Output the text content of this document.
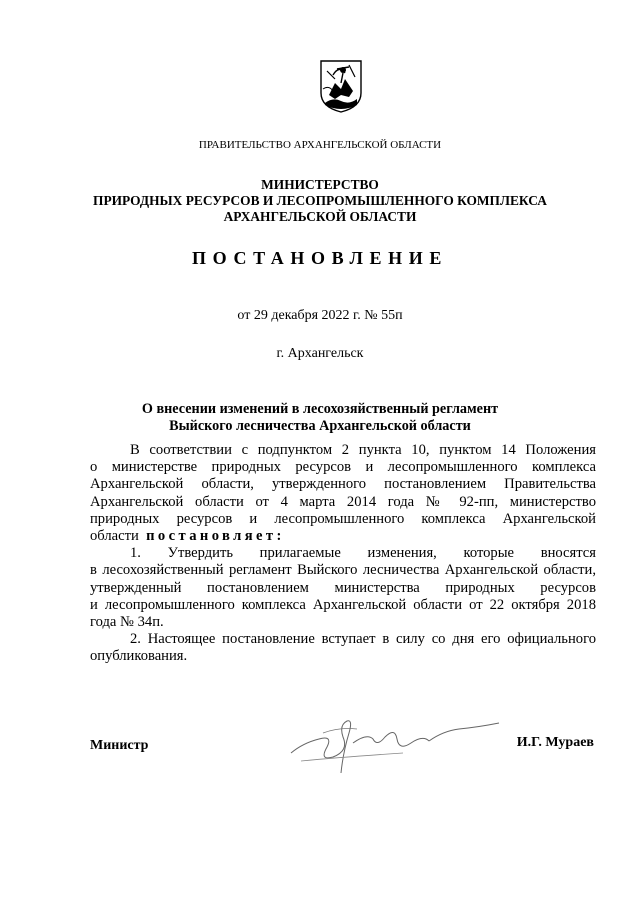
ПРАВИТЕЛЬСТВО АРХАНГЕЛЬСКОЙ ОБЛАСТИ
МИНИСТЕРСТВО
ПРИРОДНЫХ РЕСУРСОВ И ЛЕСОПРОМЫШЛЕННОГО КОМПЛЕКСА
АРХАНГЕЛЬСКОЙ ОБЛАСТИ
ПОСТАНОВЛЕНИЕ
от 29 декабря 2022 г. № 55п
г. Архангельск
О внесении изменений в лесохозяйственный регламент
Выйского лесничества Архангельской области
В соответствии с подпунктом 2 пункта 10, пунктом 14 Положения
о министерстве природных ресурсов и лесопромышленного комплекса
Архангельской области, утвержденного постановлением Правительства
Архангельской области от 4 марта 2014 года № 92-пп, министерство
природных ресурсов и лесопромышленного комплекса Архангельской
области постановляет:
1. Утвердить прилагаемые изменения, которые вносятся
в лесохозяйственный регламент Выйского лесничества Архангельской области,
утвержденный постановлением министерства природных ресурсов
и лесопромышленного комплекса Архангельской области от 22 октября 2018
года № 34п.
2. Настоящее постановление вступает в силу со дня его официального
опубликования.
Министр	И.Г. Мураев
